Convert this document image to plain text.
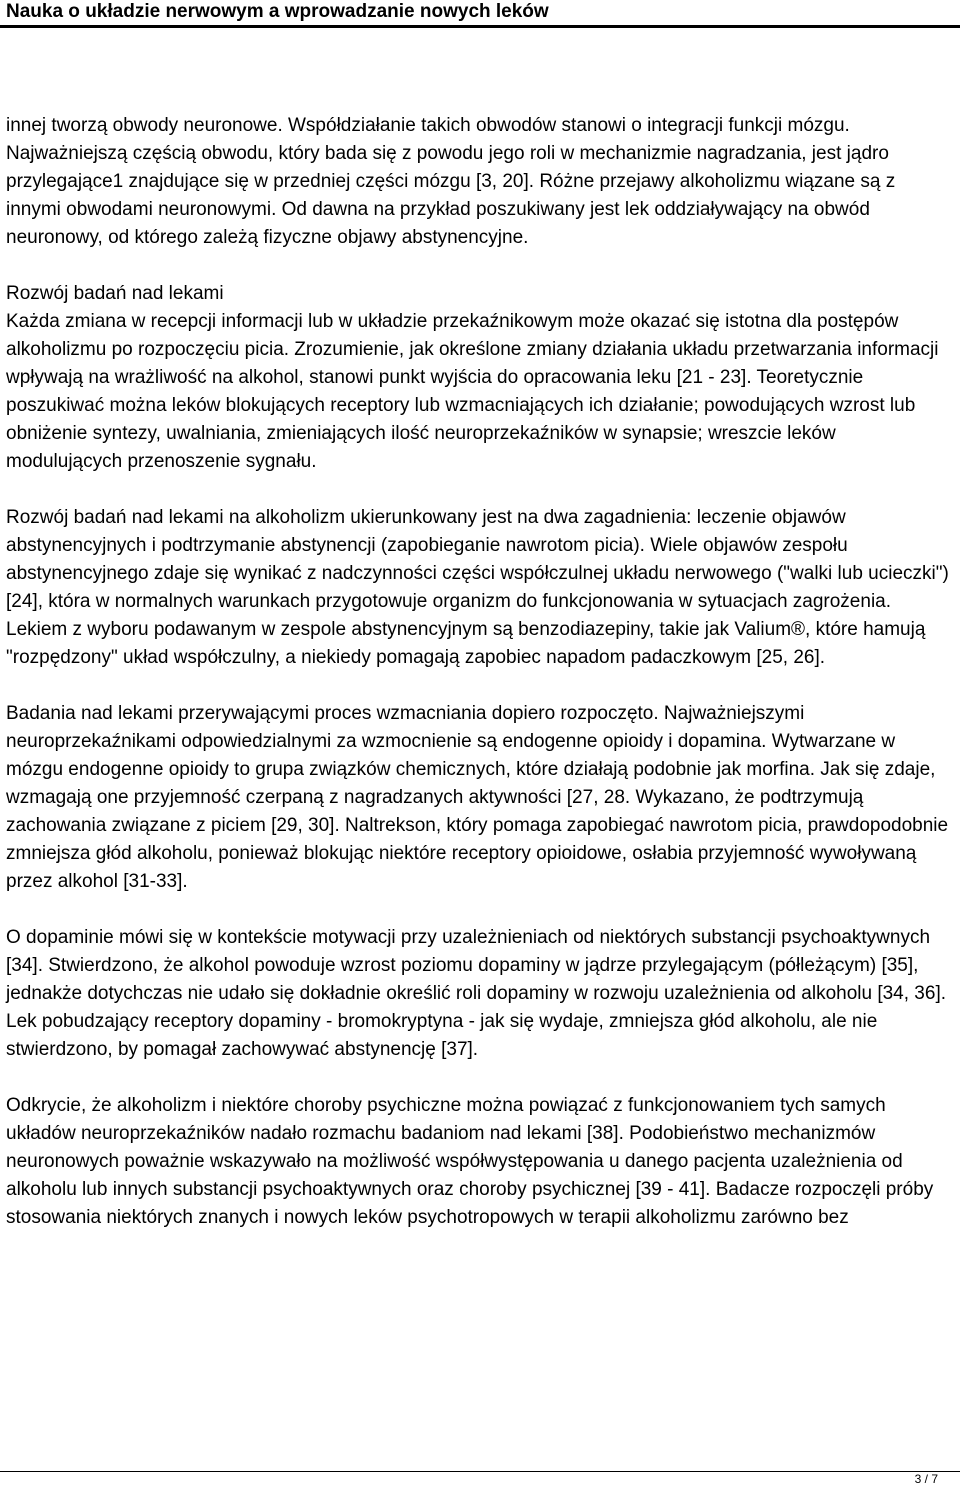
Nauka o układzie nerwowym a wprowadzanie nowych leków

innej tworzą obwody neuronowe. Współdziałanie takich obwodów stanowi o integracji funkcji mózgu. Najważniejszą częścią obwodu, który bada się z powodu jego roli w mechanizmie nagradzania, jest jądro przylegające1 znajdujące się w przedniej części mózgu [3, 20]. Różne przejawy alkoholizmu wiązane są z innymi obwodami neuronowymi. Od dawna na przykład poszukiwany jest lek oddziaływający na obwód neuronowy, od którego zależą fizyczne objawy abstynencyjne.

Rozwój badań nad lekami
Każda zmiana w recepcji informacji lub w układzie przekaźnikowym może okazać się istotna dla postępów alkoholizmu po rozpoczęciu picia. Zrozumienie, jak określone zmiany działania układu przetwarzania informacji wpływają na wrażliwość na alkohol, stanowi punkt wyjścia do opracowania leku [21 - 23]. Teoretycznie poszukiwać można leków blokujących receptory lub wzmacniających ich działanie; powodujących wzrost lub obniżenie syntezy, uwalniania, zmieniających ilość neuroprzekaźników w synapsie; wreszcie leków modulujących przenoszenie sygnału.

Rozwój badań nad lekami na alkoholizm ukierunkowany jest na dwa zagadnienia: leczenie objawów abstynencyjnych i podtrzymanie abstynencji (zapobieganie nawrotom picia). Wiele objawów zespołu abstynencyjnego zdaje się wynikać z nadczynności części współczulnej układu nerwowego ("walki lub ucieczki") [24], która w normalnych warunkach przygotowuje organizm do funkcjonowania w sytuacjach zagrożenia. Lekiem z wyboru podawanym w zespole abstynencyjnym są benzodiazepiny, takie jak Valium®, które hamują "rozpędzony" układ współczulny, a niekiedy pomagają zapobiec napadom padaczkowym [25, 26].

Badania nad lekami przerywającymi proces wzmacniania dopiero rozpoczęto. Najważniejszymi neuroprzekaźnikami odpowiedzialnymi za wzmocnienie są endogenne opioidy i dopamina. Wytwarzane w mózgu endogenne opioidy to grupa związków chemicznych, które działają podobnie jak morfina. Jak się zdaje, wzmagają one przyjemność czerpaną z nagradzanych aktywności [27, 28. Wykazano, że podtrzymują zachowania związane z piciem [29, 30]. Naltrekson, który pomaga zapobiegać nawrotom picia, prawdopodobnie zmniejsza głód alkoholu, ponieważ blokując niektóre receptory opioidowe, osłabia przyjemność wywoływaną przez alkohol [31-33].

O dopaminie mówi się w kontekście motywacji przy uzależnieniach od niektórych substancji psychoaktywnych [34]. Stwierdzono, że alkohol powoduje wzrost poziomu dopaminy w jądrze przylegającym (półleżącym) [35], jednakże dotychczas nie udało się dokładnie określić roli dopaminy w rozwoju uzależnienia od alkoholu [34, 36]. Lek pobudzający receptory dopaminy - bromokryptyna - jak się wydaje, zmniejsza głód alkoholu, ale nie stwierdzono, by pomagał zachowywać abstynencję [37].

Odkrycie, że alkoholizm i niektóre choroby psychiczne można powiązać z funkcjonowaniem tych samych układów neuroprzekaźników nadało rozmachu badaniom nad lekami [38]. Podobieństwo mechanizmów neuronowych poważnie wskazywało na możliwość współwystępowania u danego pacjenta uzależnienia od alkoholu lub innych substancji psychoaktywnych oraz choroby psychicznej [39 - 41]. Badacze rozpoczęli próby stosowania niektórych znanych i nowych leków psychotropowych w terapii alkoholizmu zarówno bez

3 / 7
